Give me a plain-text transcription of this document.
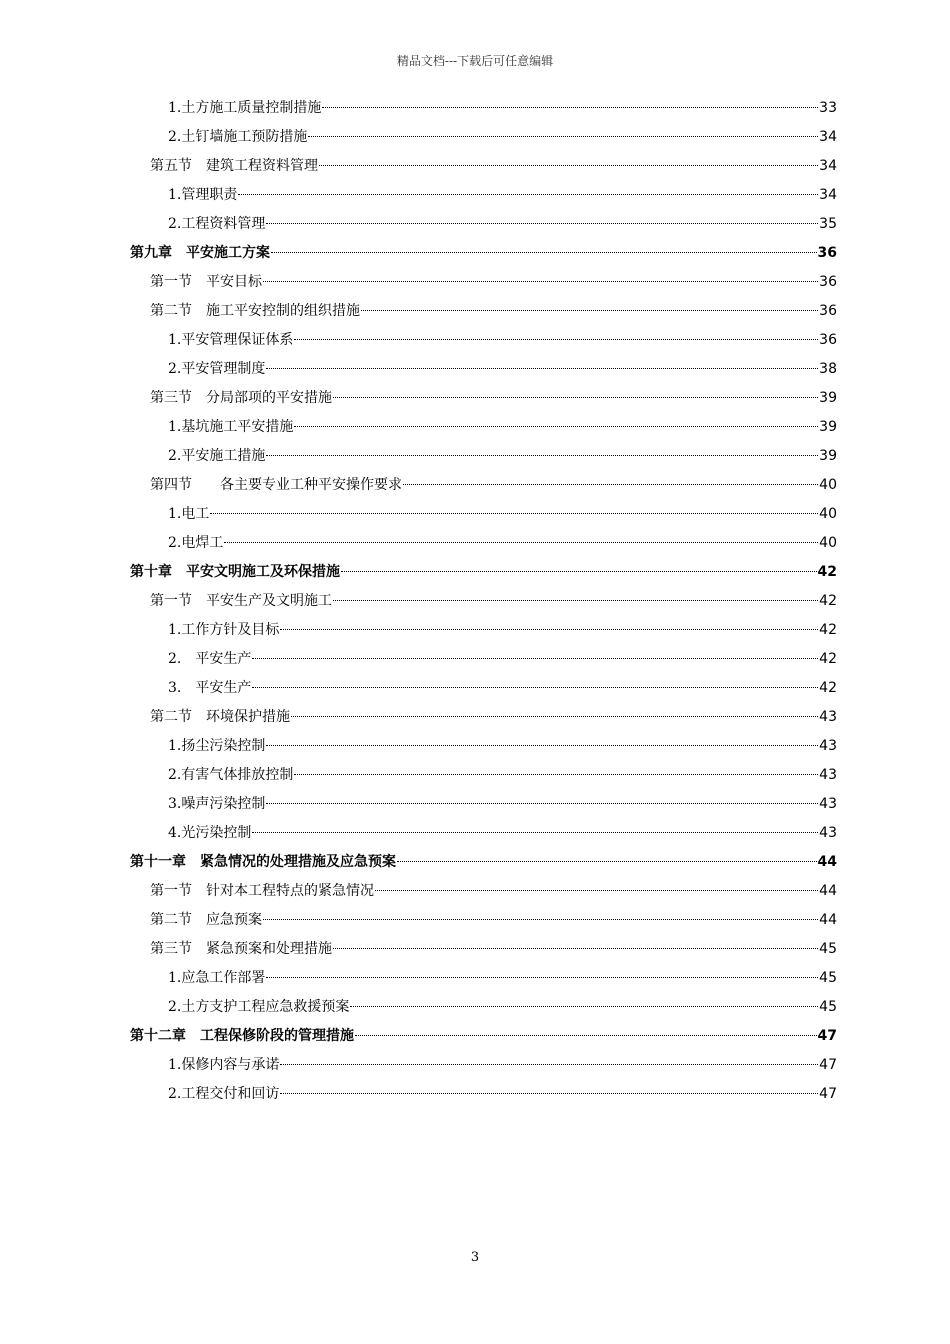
精品文档---下载后可任意编辑
1.土方施工质量控制措施	33
2.土钉墙施工预防措施	34
第五节　建筑工程资料管理	34
1.管理职责	34
2.工程资料管理	35
第九章　平安施工方案	36
第一节　平安目标	36
第二节　施工平安控制的组织措施	36
1.平安管理保证体系	36
2.平安管理制度	38
第三节　分局部项的平安措施	39
1.基坑施工平安措施	39
2.平安施工措施	39
第四节　　各主要专业工种平安操作要求	40
1.电工	40
2.电焊工	40
第十章　平安文明施工及环保措施	42
第一节　平安生产及文明施工	42
1.工作方针及目标	42
2.　平安生产	42
3.　平安生产	42
第二节　环境保护措施	43
1.扬尘污染控制	43
2.有害气体排放控制	43
3.噪声污染控制	43
4.光污染控制	43
第十一章　紧急情况的处理措施及应急预案	44
第一节　针对本工程特点的紧急情况	44
第二节　应急预案	44
第三节　紧急预案和处理措施	45
1.应急工作部署	45
2.土方支护工程应急救援预案	45
第十二章　工程保修阶段的管理措施	47
1.保修内容与承诺	47
2.工程交付和回访	47
3
